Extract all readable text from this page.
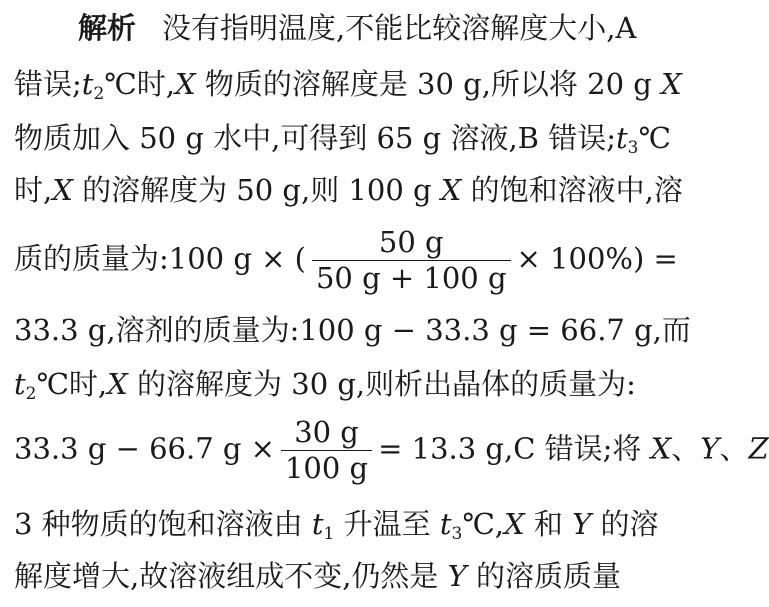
解析 没有指明温度,不能比较溶解度大小,A
错误$;t_2℃$时,X 物质的溶解度是 30 g,所以将 20 g X
物质加入 50 g 水中,可得到 65 g 溶液,B 错误$;t_3℃$
时,X 的溶解度为 50 g,则 100 g X 的饱和溶液中,溶
质的质量为:100 g × ( $\frac{50 g}{50 g + 100 g} \times 100\%$) =
33.3 g,溶剂的质量为:100 g − 33.3 g = 66.7 g,而
$t_2℃$时,X 的溶解度为 30 g,则析出晶体的质量为:
33.3 g − 66.7 $g \times \frac{30 g}{100 g} = 13.3$ g,C 错误;将 X、Y、Z
3 种物质的饱和溶液由 $t_1$ 升温至 $t_3℃,X$ 和 Y 的溶
解度增大,故溶液组成不变,仍然是 Y 的溶质质量
